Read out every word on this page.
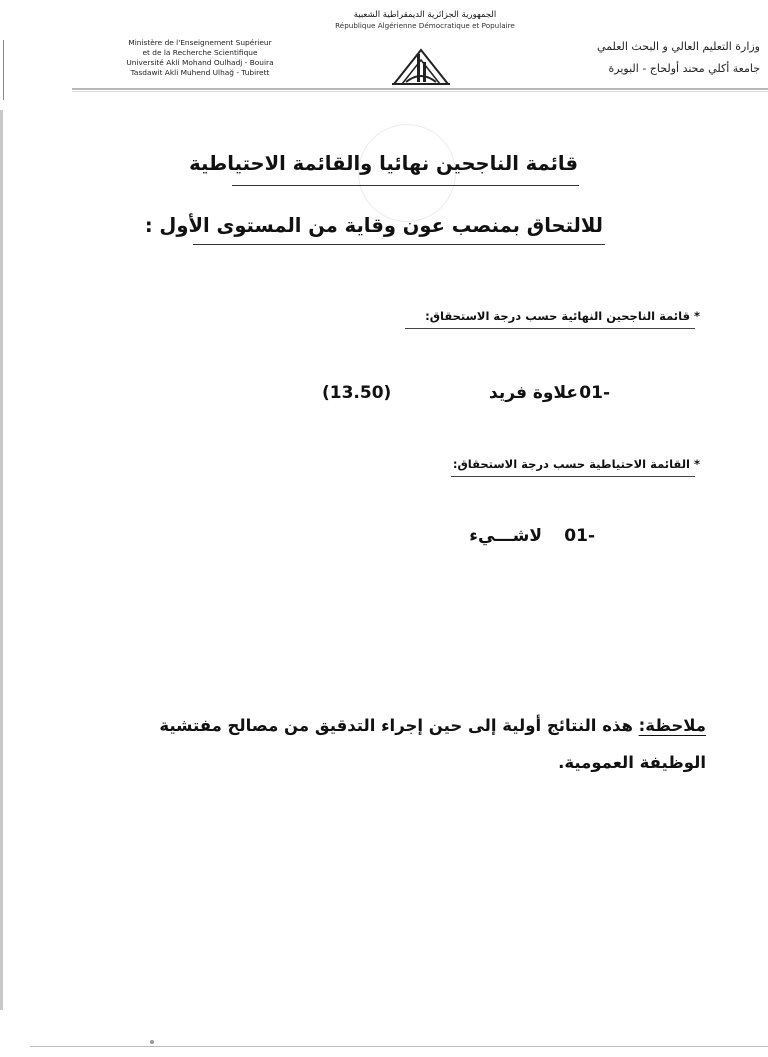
Ministère de l'Enseignement Supérieur
et de la Recherche Scientifique
Université Akli Mohand Oulhadj - Bouira
Tasdawit Akli Muhend Ulhağ - Tubirett
الجمهورية الجزائرية الديمقراطية الشعبية
République Algérienne Démocratique et Populaire
وزارة التعليم العالي و البحث العلمي
جامعة أكلي محند أولحاج - البويرة
قائمة الناجحين نهائيا والقائمة الاحتياطية
للالتحاق بمنصب عون وقاية من المستوى الأول :
* قائمة الناجحين النهائية حسب درجة الاستحقاق:
-01
علاوة فريد
(13.50)
* القائمة الاحتياطية حسب درجة الاستحقاق:
-01
لاشـــيء
ملاحظة: هذه النتائج أولية إلى حين إجراء التدقيق من مصالح مفتشية الوظيفة العمومية.
